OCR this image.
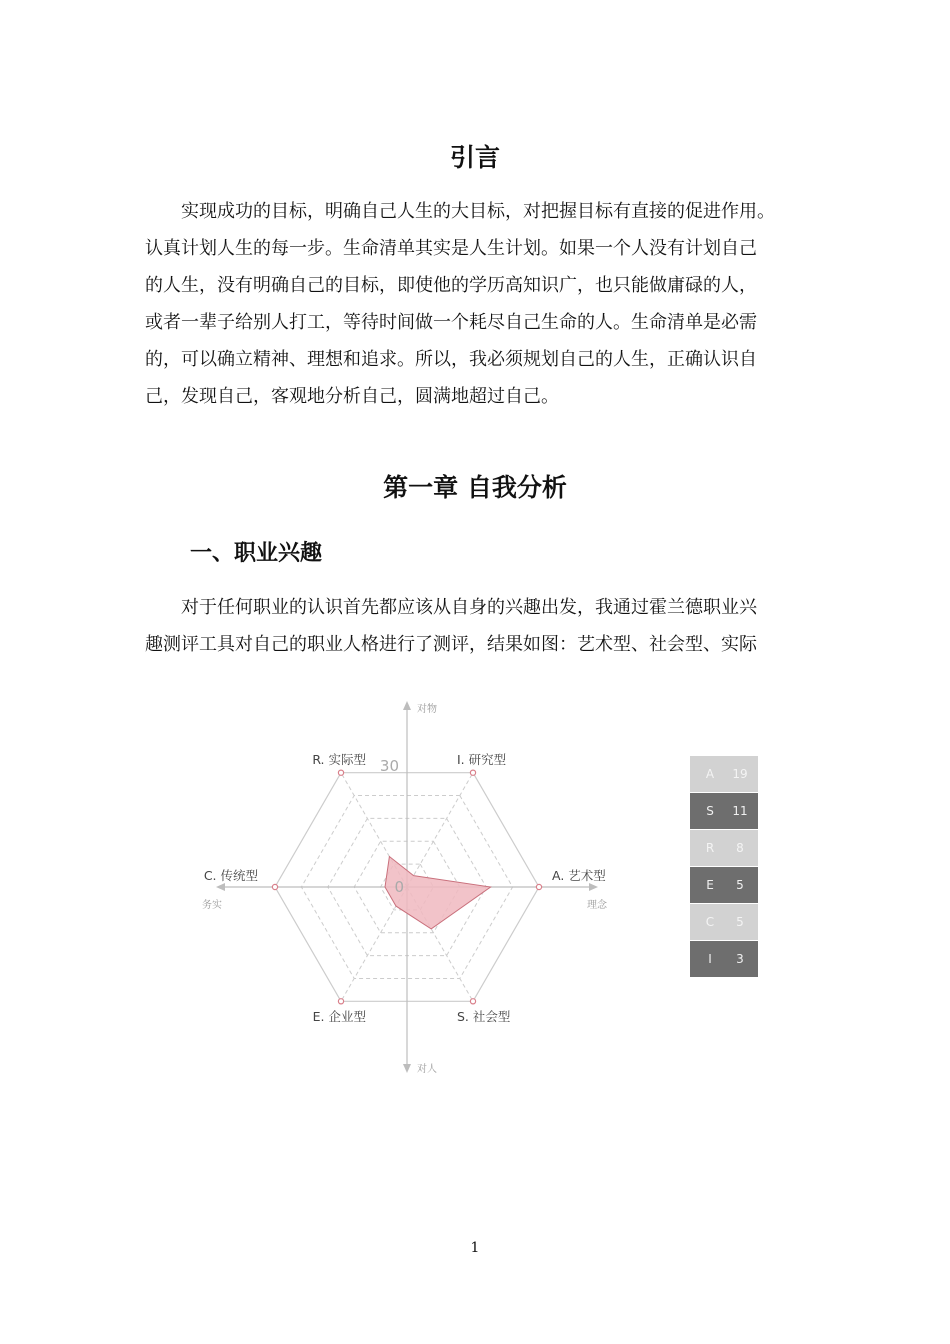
引言
实现成功的目标，明确自己人生的大目标，对把握目标有直接的促进作用。
认真计划人生的每一步。生命清单其实是人生计划。如果一个人没有计划自己
的人生，没有明确自己的目标，即使他的学历高知识广，也只能做庸碌的人，
或者一辈子给别人打工，等待时间做一个耗尽自己生命的人。生命清单是必需
的，可以确立精神、理想和追求。所以，我必须规划自己的人生，正确认识自
己，发现自己，客观地分析自己，圆满地超过自己。
第一章 自我分析
一、职业兴趣
对于任何职业的认识首先都应该从自身的兴趣出发，我通过霍兰德职业兴
趣测评工具对自己的职业人格进行了测评，结果如图：艺术型、社会型、实际
30
0
I. 研究型
A. 艺术型
S. 社会型
E. 企业型
C. 传统型
R. 实际型
对物
对人
务实	理念
A	19
S	11
R	8
E	5
C	5
I	3
1
